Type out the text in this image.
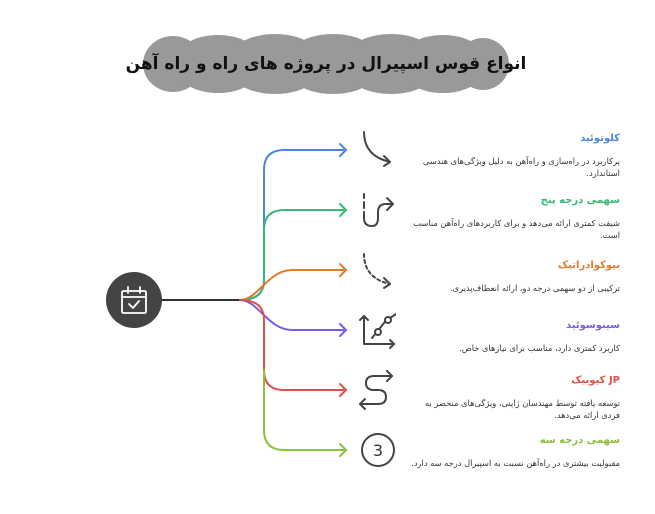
انواع قوس اسپیرال در پروژه های راه و راه آهن
3
کلوتوئید
پرکاربرد در راه‌سازی و راه‌آهن به دلیل ویژگی‌های هندسی استاندارد.
سهمی درجه پنج
شیفت کمتری ارائه می‌دهد و برای کاربردهای راه‌آهن مناسب است.
بیوکوادراتیک
ترکیبی از دو سهمی درجه دو، ارائه انعطاف‌پذیری.
سینوسوئید
کاربرد کمتری دارد، مناسب برای نیازهای خاص.
JP کیوبیک
توسعه یافته توسط مهندسان ژاپنی، ویژگی‌های منحصر به فردی ارائه می‌دهد.
سهمی درجه سه
مقبولیت بیشتری در راه‌آهن نسبت به اسپیرال درجه سه دارد.
